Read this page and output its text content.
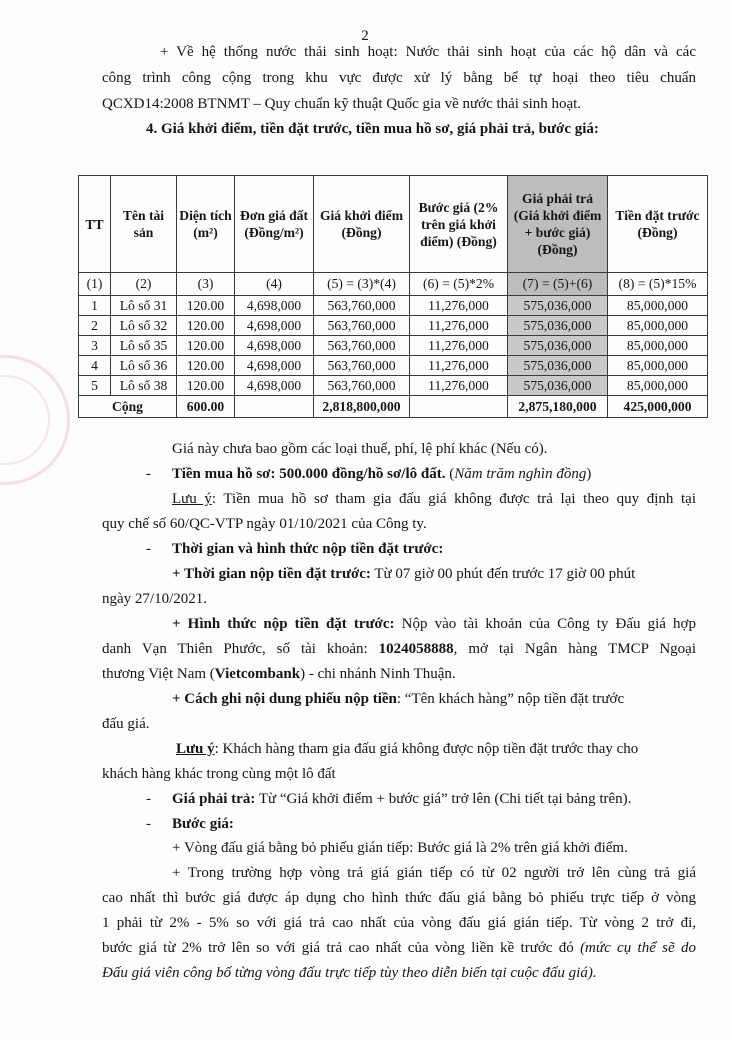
2
+ Về hệ thống nước thải sinh hoạt: Nước thải sinh hoạt của các hộ dân và các
công trình công cộng trong khu vực được xử lý bằng bể tự hoại theo tiêu chuẩn
QCXD14:2008 BTNMT – Quy chuẩn kỹ thuật Quốc gia về nước thải sinh hoạt.
4. Giá khởi điểm, tiền đặt trước, tiền mua hồ sơ, giá phải trả, bước giá:
TT	Tên tài sản	Diện tích (m²)	Đơn giá đất (Đồng/m²)	Giá khởi điểm (Đồng)	Bước giá (2% trên giá khởi điểm) (Đồng)	Giá phải trả (Giá khởi điểm + bước giá) (Đồng)	Tiền đặt trước (Đồng)
(1)	(2)	(3)	(4)	(5) = (3)*(4)	(6) = (5)*2%	(7) = (5)+(6)	(8) = (5)*15%
1	Lô số 31	120.00	4,698,000	563,760,000	11,276,000	575,036,000	85,000,000
2	Lô số 32	120.00	4,698,000	563,760,000	11,276,000	575,036,000	85,000,000
3	Lô số 35	120.00	4,698,000	563,760,000	11,276,000	575,036,000	85,000,000
4	Lô số 36	120.00	4,698,000	563,760,000	11,276,000	575,036,000	85,000,000
5	Lô số 38	120.00	4,698,000	563,760,000	11,276,000	575,036,000	85,000,000
Cộng		600.00		2,818,800,000		2,875,180,000	425,000,000
Giá này chưa bao gồm các loại thuế, phí, lệ phí khác (Nếu có).
- Tiền mua hồ sơ: 500.000 đồng/hồ sơ/lô đất. (Năm trăm nghìn đồng)
Lưu ý: Tiền mua hồ sơ tham gia đấu giá không được trả lại theo quy định tại
quy chế số 60/QC-VTP ngày 01/10/2021 của Công ty.
- Thời gian và hình thức nộp tiền đặt trước:
+ Thời gian nộp tiền đặt trước: Từ 07 giờ 00 phút đến trước 17 giờ 00 phút
ngày 27/10/2021.
+ Hình thức nộp tiền đặt trước: Nộp vào tài khoản của Công ty Đấu giá hợp
danh Vạn Thiên Phước, số tài khoản: 1024058888, mở tại Ngân hàng TMCP Ngoại
thương Việt Nam (Vietcombank) - chi nhánh Ninh Thuận.
+ Cách ghi nội dung phiếu nộp tiền: “Tên khách hàng” nộp tiền đặt trước
đấu giá.
Lưu ý: Khách hàng tham gia đấu giá không được nộp tiền đặt trước thay cho
khách hàng khác trong cùng một lô đất
- Giá phải trả: Từ “Giá khởi điểm + bước giá” trở lên (Chi tiết tại bảng trên).
- Bước giá:
+ Vòng đấu giá bằng bỏ phiếu gián tiếp: Bước giá là 2% trên giá khởi điểm.
+ Trong trường hợp vòng trả giá gián tiếp có từ 02 người trở lên cùng trả giá
cao nhất thì bước giá được áp dụng cho hình thức đấu giá bằng bỏ phiếu trực tiếp ở vòng
1 phải từ 2% - 5% so với giá trả cao nhất của vòng đấu giá gián tiếp. Từ vòng 2 trở đi,
bước giá từ 2% trở lên so với giá trả cao nhất của vòng liền kề trước đó (mức cụ thể sẽ do
Đấu giá viên công bố từng vòng đấu trực tiếp tùy theo diễn biến tại cuộc đấu giá).
